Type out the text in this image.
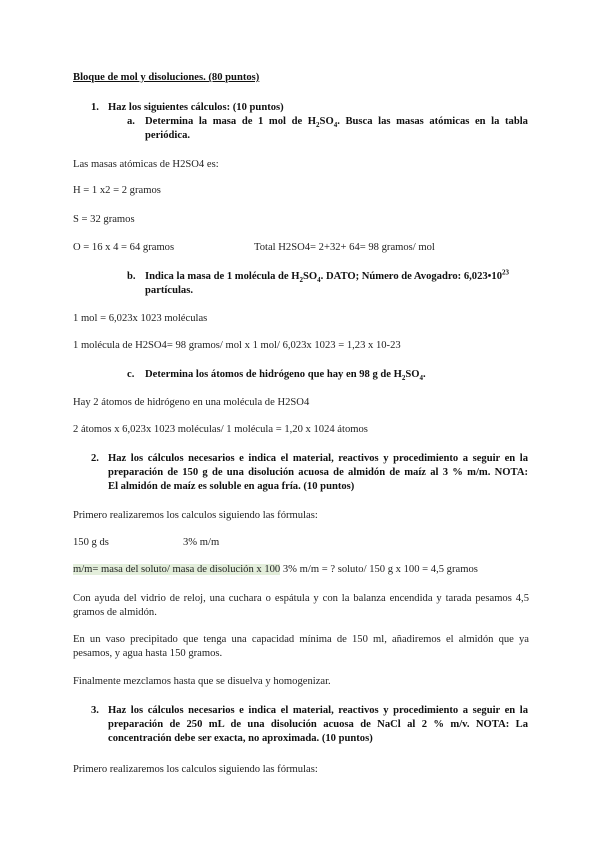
Bloque de mol y disoluciones. (80 puntos)
1. Haz los siguientes cálculos: (10 puntos)
a. Determina la masa de 1 mol de $H_2SO_4$. Busca las masas atómicas en la tabla
periódica.
Las masas atómicas de H2SO4 es:
H = 1 x2 = 2 gramos
S = 32 gramos
O = 16 x 4 = 64 gramos	Total H2SO4= 2+32+ 64= 98 gramos/ mol
b. Indica la masa de 1 molécula de $H_2SO_4$. DATO; Número de Avogadro: $6,023•10^{23}$
partículas.
1 mol = 6,023x 1023 moléculas
1 molécula de H2SO4= 98 gramos/ mol x 1 mol/ 6,023x 1023 = 1,23 x 10-23
c. Determina los átomos de hidrógeno que hay en 98 g de $H_2SO_4$.
Hay 2 átomos de hidrógeno en una molécula de H2SO4
2 átomos x 6,023x 1023 moléculas/ 1 molécula = 1,20 x 1024 átomos
2. Haz los cálculos necesarios e indica el material, reactivos y procedimiento a seguir en la
preparación de 150 g de una disolución acuosa de almidón de maíz al 3 % m/m. NOTA:
El almidón de maíz es soluble en agua fría. (10 puntos)
Primero realizaremos los calculos siguiendo las fórmulas:
150 g ds	3% m/m
m/m= masa del soluto/ masa de disolución x 100 3% m/m = ? soluto/ 150 g x 100 = 4,5 gramos
Con ayuda del vidrio de reloj, una cuchara o espátula y con la balanza encendida y tarada pesamos 4,5
gramos de almidón.
En un vaso precipitado que tenga una capacidad mínima de 150 ml, añadiremos el almidón que ya
pesamos, y agua hasta 150 gramos.
Finalmente mezclamos hasta que se disuelva y homogenizar.
3. Haz los cálculos necesarios e indica el material, reactivos y procedimiento a seguir en la
preparación de 250 mL de una disolución acuosa de NaCl al 2 % m/v. NOTA: La
concentración debe ser exacta, no aproximada. (10 puntos)
Primero realizaremos los calculos siguiendo las fórmulas:
